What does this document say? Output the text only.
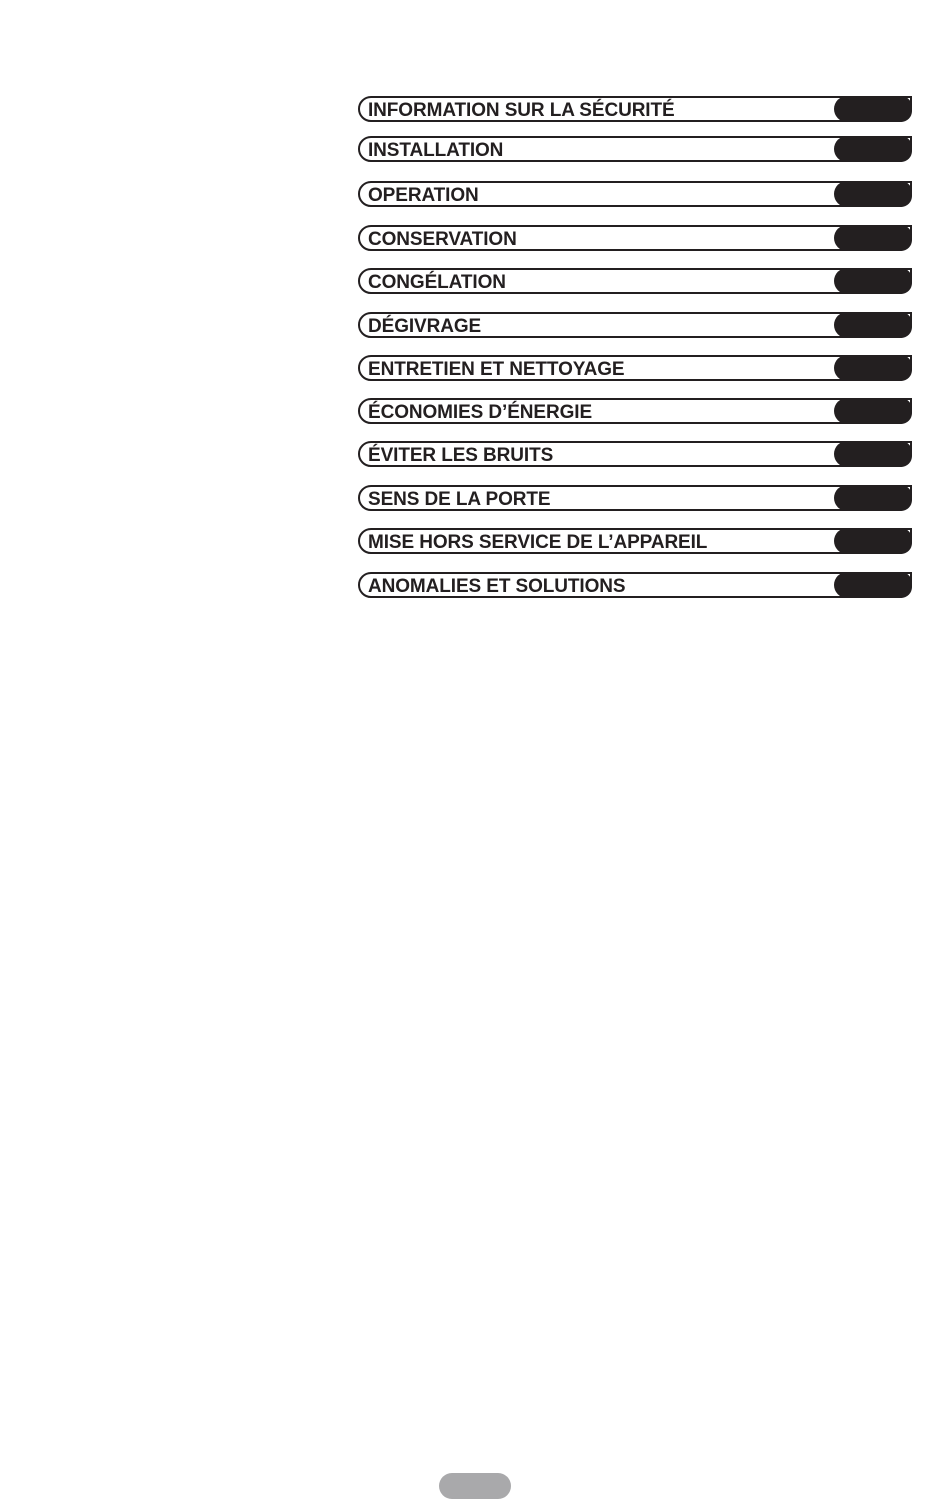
INFORMATION SUR LA SÉCURITÉ
INSTALLATION
OPERATION
CONSERVATION
CONGÉLATION
DÉGIVRAGE
ENTRETIEN ET NETTOYAGE
ÉCONOMIES D’ÉNERGIE
ÉVITER LES BRUITS
SENS DE LA PORTE
MISE HORS SERVICE DE L’APPAREIL
ANOMALIES ET SOLUTIONS
